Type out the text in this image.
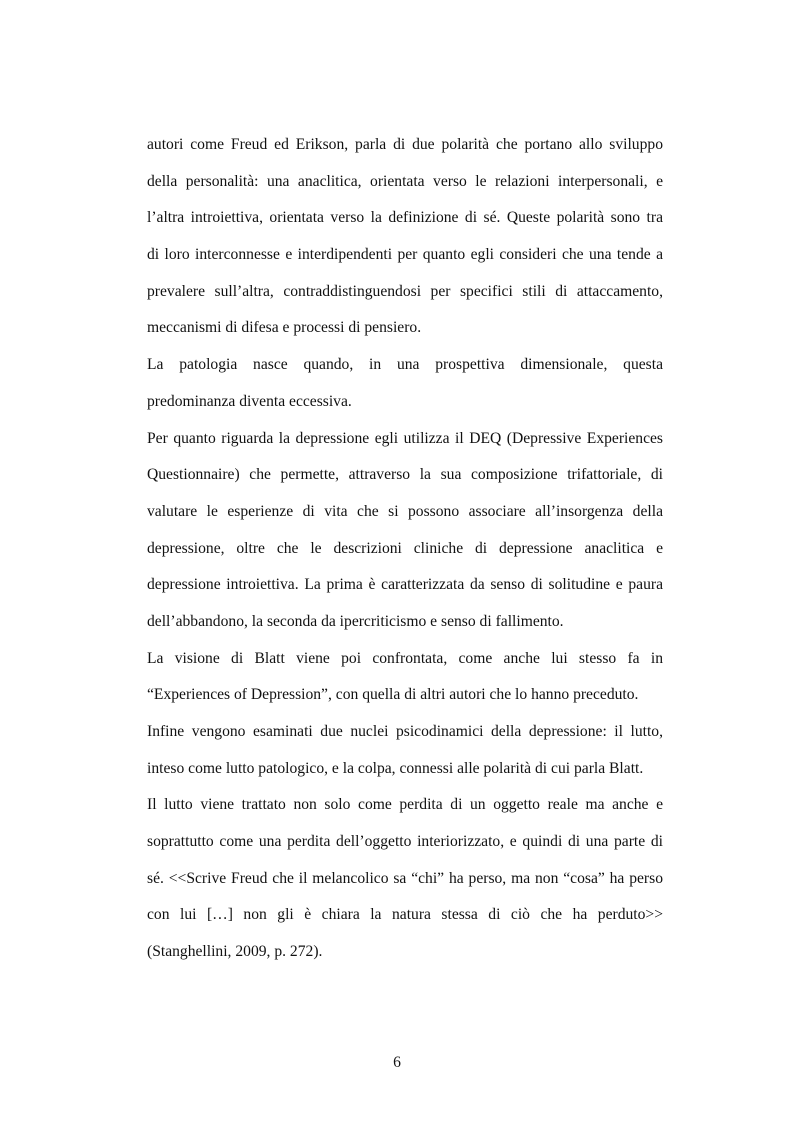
autori come Freud ed Erikson, parla di due polarità che portano allo sviluppo
della personalità: una anaclitica, orientata verso le relazioni interpersonali, e
l’altra introiettiva, orientata verso la definizione di sé. Queste polarità sono tra
di loro interconnesse e interdipendenti per quanto egli consideri che una tende a
prevalere sull’altra, contraddistinguendosi per specifici stili di attaccamento,
meccanismi di difesa e processi di pensiero.
La patologia nasce quando, in una prospettiva dimensionale, questa
predominanza diventa eccessiva.
Per quanto riguarda la depressione egli utilizza il DEQ (Depressive Experiences
Questionnaire) che permette, attraverso la sua composizione trifattoriale, di
valutare le esperienze di vita che si possono associare all’insorgenza della
depressione, oltre che le descrizioni cliniche di depressione anaclitica e
depressione introiettiva. La prima è caratterizzata da senso di solitudine e paura
dell’abbandono, la seconda da ipercriticismo e senso di fallimento.
La visione di Blatt viene poi confrontata, come anche lui stesso fa in
“Experiences of Depression”, con quella di altri autori che lo hanno preceduto.
Infine vengono esaminati due nuclei psicodinamici della depressione: il lutto,
inteso come lutto patologico, e la colpa, connessi alle polarità di cui parla Blatt.
Il lutto viene trattato non solo come perdita di un oggetto reale ma anche e
soprattutto come una perdita dell’oggetto interiorizzato, e quindi di una parte di
sé. <<Scrive Freud che il melancolico sa “chi” ha perso, ma non “cosa” ha perso
con lui […] non gli è chiara la natura stessa di ciò che ha perduto>>
(Stanghellini, 2009, p. 272).
6
